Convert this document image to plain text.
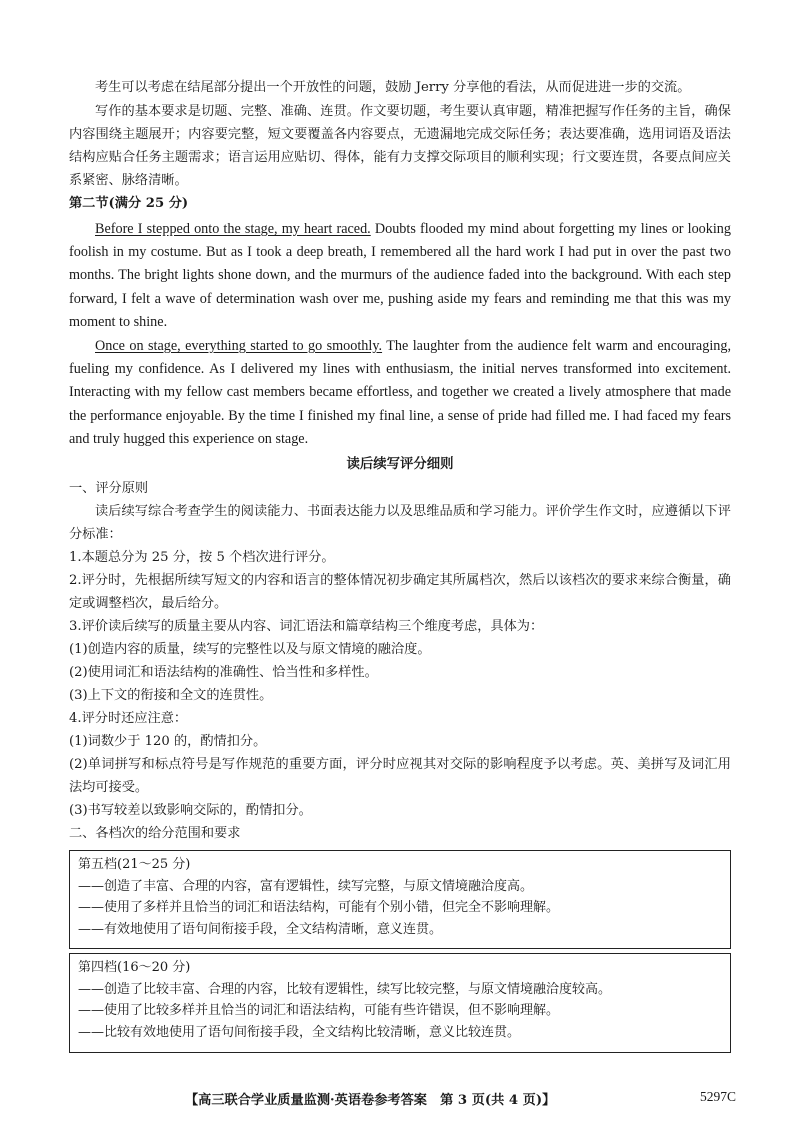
考生可以考虑在结尾部分提出一个开放性的问题，鼓励 Jerry 分享他的看法，从而促进进一步的交流。

写作的基本要求是切题、完整、准确、连贯。作文要切题，考生要认真审题，精准把握写作任务的主旨，确保内容围绕主题展开；内容要完整，短文要覆盖各内容要点，无遗漏地完成交际任务；表达要准确，选用词语及语法结构应贴合任务主题需求；语言运用应贴切、得体，能有力支撑交际项目的顺利实现；行文要连贯，各要点间应关系紧密、脉络清晰。

第二节(满分 25 分)

Before I stepped onto the stage, my heart raced. Doubts flooded my mind about forgetting my lines or looking foolish in my costume. But as I took a deep breath, I remembered all the hard work I had put in over the past two months. The bright lights shone down, and the murmurs of the audience faded into the background. With each step forward, I felt a wave of determination wash over me, pushing aside my fears and reminding me that this was my moment to shine.

Once on stage, everything started to go smoothly. The laughter from the audience felt warm and encouraging, fueling my confidence. As I delivered my lines with enthusiasm, the initial nerves transformed into excitement. Interacting with my fellow cast members became effortless, and together we created a lively atmosphere that made the performance enjoyable. By the time I finished my final line, a sense of pride had filled me. I had faced my fears and truly hugged this experience on stage.

读后续写评分细则

一、评分原则

读后续写综合考查学生的阅读能力、书面表达能力以及思维品质和学习能力。评价学生作文时，应遵循以下评分标准：

1.本题总分为 25 分，按 5 个档次进行评分。

2.评分时，先根据所续写短文的内容和语言的整体情况初步确定其所属档次，然后以该档次的要求来综合衡量，确定或调整档次，最后给分。

3.评价读后续写的质量主要从内容、词汇语法和篇章结构三个维度考虑，具体为：

(1)创造内容的质量，续写的完整性以及与原文情境的融洽度。

(2)使用词汇和语法结构的准确性、恰当性和多样性。

(3)上下文的衔接和全文的连贯性。

4.评分时还应注意：

(1)词数少于 120 的，酌情扣分。

(2)单词拼写和标点符号是写作规范的重要方面，评分时应视其对交际的影响程度予以考虑。英、美拼写及词汇用法均可接受。

(3)书写较差以致影响交际的，酌情扣分。

二、各档次的给分范围和要求

第五档(21～25 分)
——创造了丰富、合理的内容，富有逻辑性，续写完整，与原文情境融洽度高。
——使用了多样并且恰当的词汇和语法结构，可能有个别小错，但完全不影响理解。
——有效地使用了语句间衔接手段，全文结构清晰，意义连贯。
第四档(16～20 分)
——创造了比较丰富、合理的内容，比较有逻辑性，续写比较完整，与原文情境融洽度较高。
——使用了比较多样并且恰当的词汇和语法结构，可能有些许错误，但不影响理解。
——比较有效地使用了语句间衔接手段，全文结构比较清晰，意义比较连贯。
【高三联合学业质量监测·英语卷参考答案　第 3 页(共 4 页)】	5297C
